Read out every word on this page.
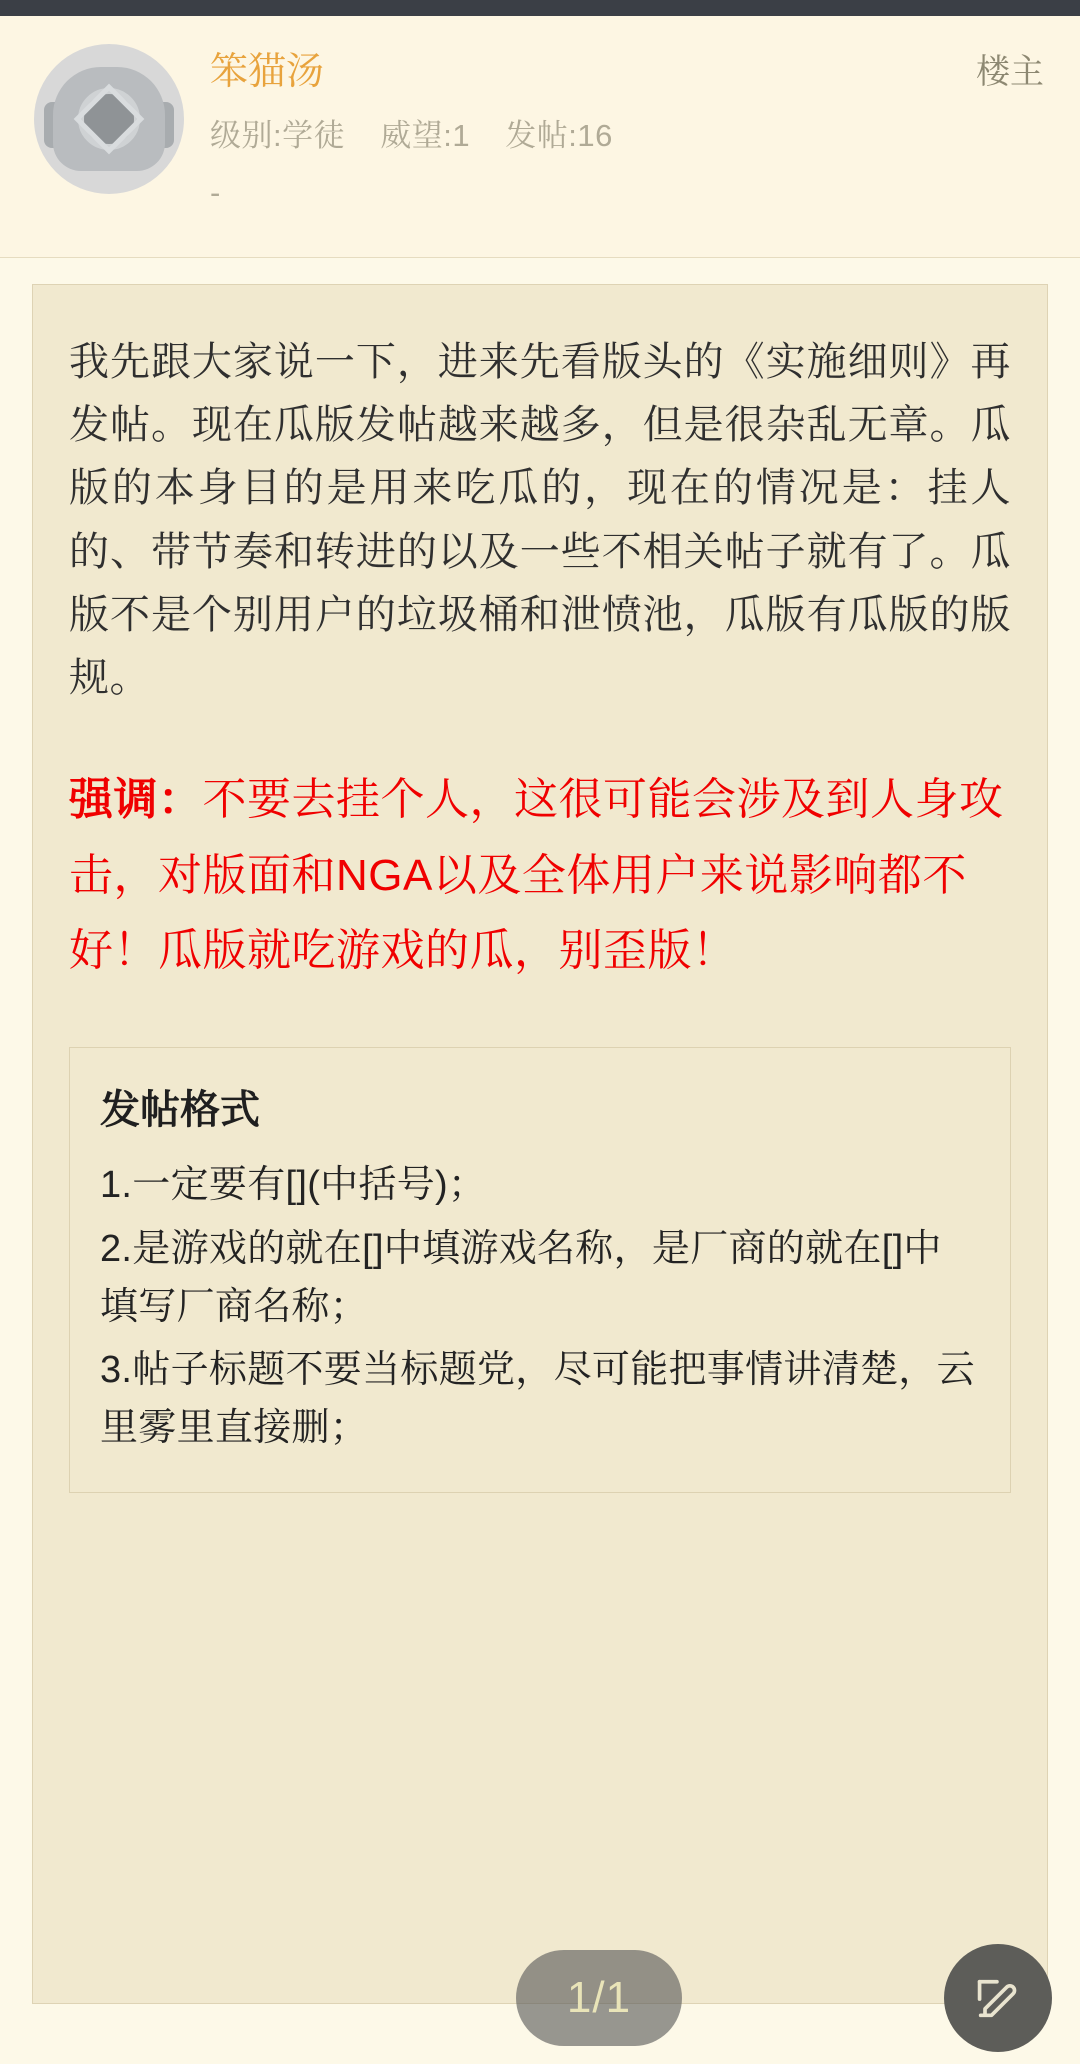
笨猫汤
级别:学徒 威望:1 发帖:16
-
楼主

我先跟大家说一下，进来先看版头的《实施细则》再发帖。现在瓜版发帖越来越多，但是很杂乱无章。瓜版的本身目的是用来吃瓜的，现在的情况是：挂人的、带节奏和转进的以及一些不相关帖子就有了。瓜版不是个别用户的垃圾桶和泄愤池，瓜版有瓜版的版规。

强调：不要去挂个人，这很可能会涉及到人身攻击，对版面和NGA以及全体用户来说影响都不好！瓜版就吃游戏的瓜，别歪版！

发帖格式
1.一定要有[](中括号)；
2.是游戏的就在[]中填游戏名称，是厂商的就在[]中填写厂商名称；
3.帖子标题不要当标题党，尽可能把事情讲清楚，云里雾里直接删；
1/1
